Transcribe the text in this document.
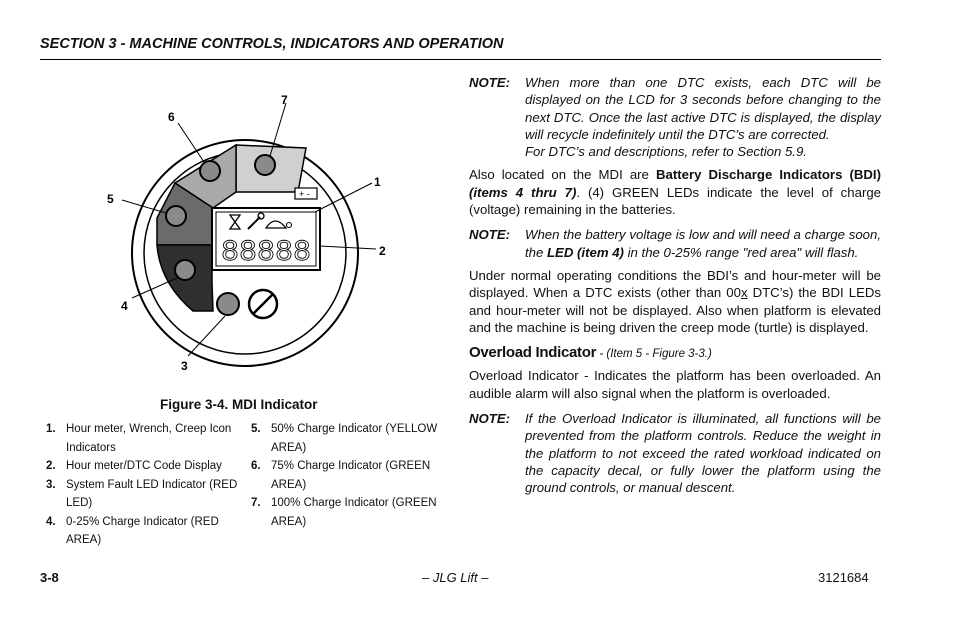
SECTION 3 - MACHINE CONTROLS, INDICATORS AND OPERATION
+ -
88888
1
2
3
4
5
6
7
Figure 3-4. MDI Indicator
1. Hour meter, Wrench, Creep Icon Indicators
2. Hour meter/DTC Code Display
3. System Fault LED Indicator (RED LED)
4. 0-25% Charge Indicator (RED AREA)
5. 50% Charge Indicator (YELLOW AREA)
6. 75% Charge Indicator (GREEN AREA)
7. 100% Charge Indicator (GREEN AREA)
NOTE:	When more than one DTC exists, each DTC will be displayed on the LCD for 3 seconds before changing to the next DTC. Once the last active DTC is displayed, the display will recycle indefinitely until the DTC’s are corrected.
For DTC’s and descriptions, refer to Section 5.9.

Also located on the MDI are Battery Discharge Indicators (BDI) (items 4 thru 7). (4) GREEN LEDs indicate the level of charge (voltage) remaining in the batteries.

NOTE:	When the battery voltage is low and will need a charge soon, the LED (item 4) in the 0-25% range "red area" will flash.

Under normal operating conditions the BDI’s and hour-meter will be displayed. When a DTC exists (other than 00x DTC’s) the BDI LEDs and hour-meter will not be displayed. Also when platform is elevated and the machine is being driven the creep mode (turtle) is displayed.

Overload Indicator - (Item 5 - Figure 3-3.)

Overload Indicator - Indicates the platform has been overloaded. An audible alarm will also signal when the platform is overloaded.

NOTE:	If the Overload Indicator is illuminated, all functions will be prevented from the platform controls. Reduce the weight in the platform to not exceed the rated workload indicated on the capacity decal, or fully lower the platform using the ground controls, or manual descent.
3-8	– JLG Lift –	3121684
